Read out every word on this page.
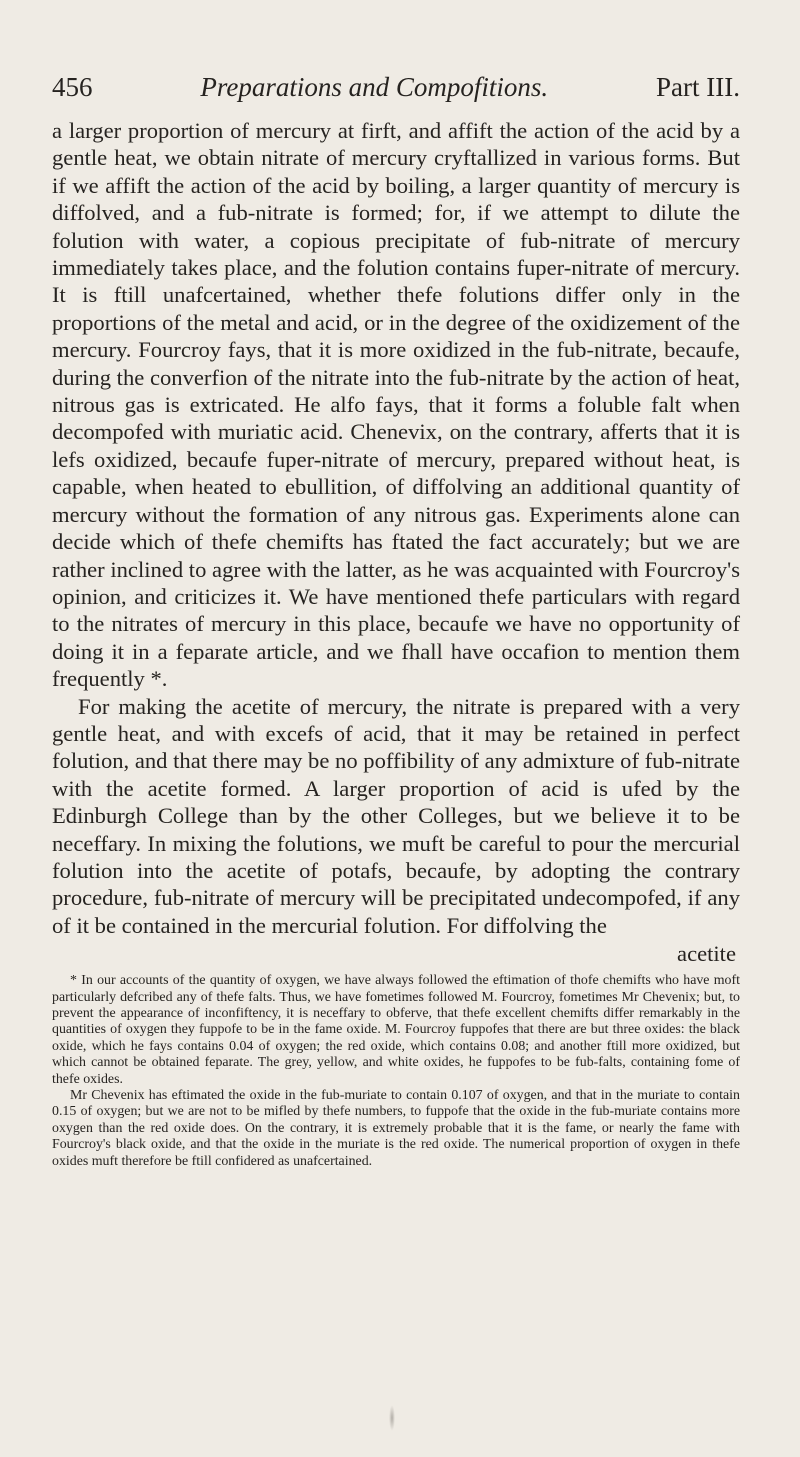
456	Preparations and Compofitions.	Part III.

a larger proportion of mercury at firft, and affift the action of the acid by a gentle heat, we obtain nitrate of mercury cryftallized in various forms. But if we affift the action of the acid by boiling, a larger quantity of mercury is diffolved, and a fub-nitrate is formed; for, if we attempt to dilute the folution with water, a copious precipitate of fub-nitrate of mercury immediately takes place, and the folution contains fuper-nitrate of mercury. It is ftill unafcertained, whether thefe folutions differ only in the proportions of the metal and acid, or in the degree of the oxidizement of the mercury. Fourcroy fays, that it is more oxidized in the fub-nitrate, becaufe, during the converfion of the nitrate into the fub-nitrate by the action of heat, nitrous gas is extricated. He alfo fays, that it forms a foluble falt when decompofed with muriatic acid. Chenevix, on the contrary, afferts that it is lefs oxidized, becaufe fuper-nitrate of mercury, prepared without heat, is capable, when heated to ebullition, of diffolving an additional quantity of mercury without the formation of any nitrous gas. Experiments alone can decide which of thefe chemifts has ftated the fact accurately; but we are rather inclined to agree with the latter, as he was acquainted with Fourcroy's opinion, and criticizes it. We have mentioned thefe particulars with regard to the nitrates of mercury in this place, becaufe we have no opportunity of doing it in a feparate article, and we fhall have occafion to mention them frequently *.

For making the acetite of mercury, the nitrate is prepared with a very gentle heat, and with excefs of acid, that it may be retained in perfect folution, and that there may be no poffibility of any admixture of fub-nitrate with the acetite formed. A larger proportion of acid is ufed by the Edinburgh College than by the other Colleges, but we believe it to be neceffary. In mixing the folutions, we muft be careful to pour the mercurial folution into the acetite of potafs, becaufe, by adopting the contrary procedure, fub-nitrate of mercury will be precipitated undecompofed, if any of it be contained in the mercurial folution. For diffolving the

acetite

* In our accounts of the quantity of oxygen, we have always followed the eftimation of thofe chemifts who have moft particularly defcribed any of thefe falts. Thus, we have fometimes followed M. Fourcroy, fometimes Mr Chevenix; but, to prevent the appearance of inconfiftency, it is neceffary to obferve, that thefe excellent chemifts differ remarkably in the quantities of oxygen they fuppofe to be in the fame oxide. M. Fourcroy fuppofes that there are but three oxides: the black oxide, which he fays contains 0.04 of oxygen; the red oxide, which contains 0.08; and another ftill more oxidized, but which cannot be obtained feparate. The grey, yellow, and white oxides, he fuppofes to be fub-falts, containing fome of thefe oxides.

Mr Chevenix has eftimated the oxide in the fub-muriate to contain 0.107 of oxygen, and that in the muriate to contain 0.15 of oxygen; but we are not to be mifled by thefe numbers, to fuppofe that the oxide in the fub-muriate contains more oxygen than the red oxide does. On the contrary, it is extremely probable that it is the fame, or nearly the fame with Fourcroy's black oxide, and that the oxide in the muriate is the red oxide. The numerical proportion of oxygen in thefe oxides muft therefore be ftill confidered as unafcertained.
